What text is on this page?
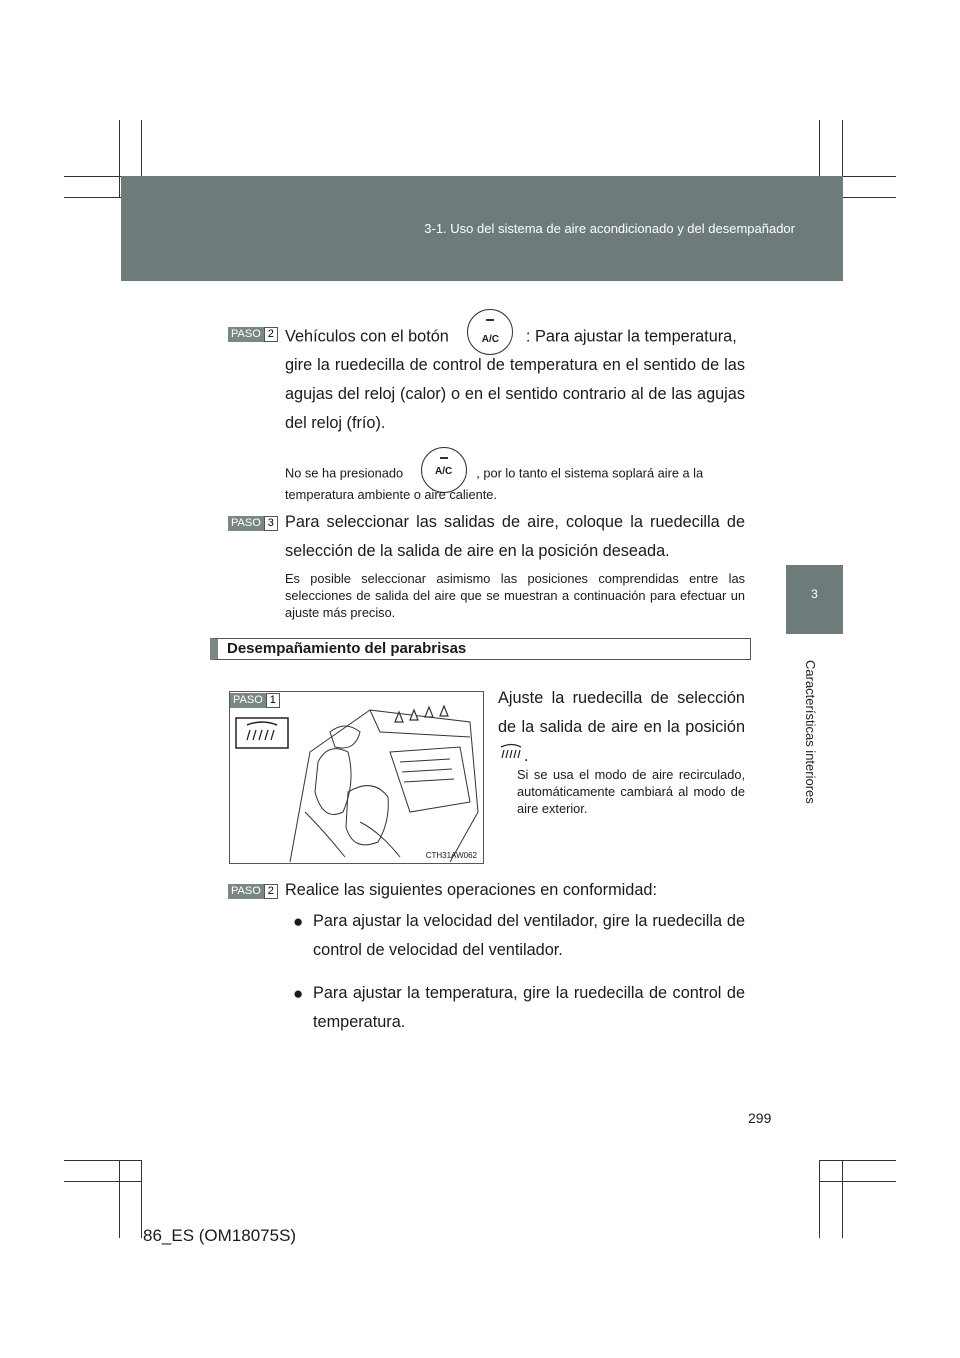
3-1. Uso del sistema de aire acondicionado y del desempañador
3
Características interiores
PASO 2 Vehículos con el botón	A/C	: Para ajustar la temperatura,
gire la ruedecilla de control de temperatura en el sentido de las agujas del reloj (calor) o en el sentido contrario al de las agujas del reloj (frío).
No se ha presionado	A/C	, por lo tanto el sistema soplará aire a la
temperatura ambiente o aire caliente.
PASO 3 Para seleccionar las salidas de aire, coloque la ruedecilla de selección de la salida de aire en la posición deseada.
Es posible seleccionar asimismo las posiciones comprendidas entre las selecciones de salida del aire que se muestran a continuación para efectuar un ajuste más preciso.
Desempañamiento del parabrisas
PASO 1
CTH31AW062
Ajuste la ruedecilla de selección de la salida de aire en la posición .
Si se usa el modo de aire recirculado, automáticamente cambiará al modo de aire exterior.
PASO 2 Realice las siguientes operaciones en conformidad:
● Para ajustar la velocidad del ventilador, gire la ruedecilla de control de velocidad del ventilador.
● Para ajustar la temperatura, gire la ruedecilla de control de temperatura.
299
86_ES (OM18075S)
